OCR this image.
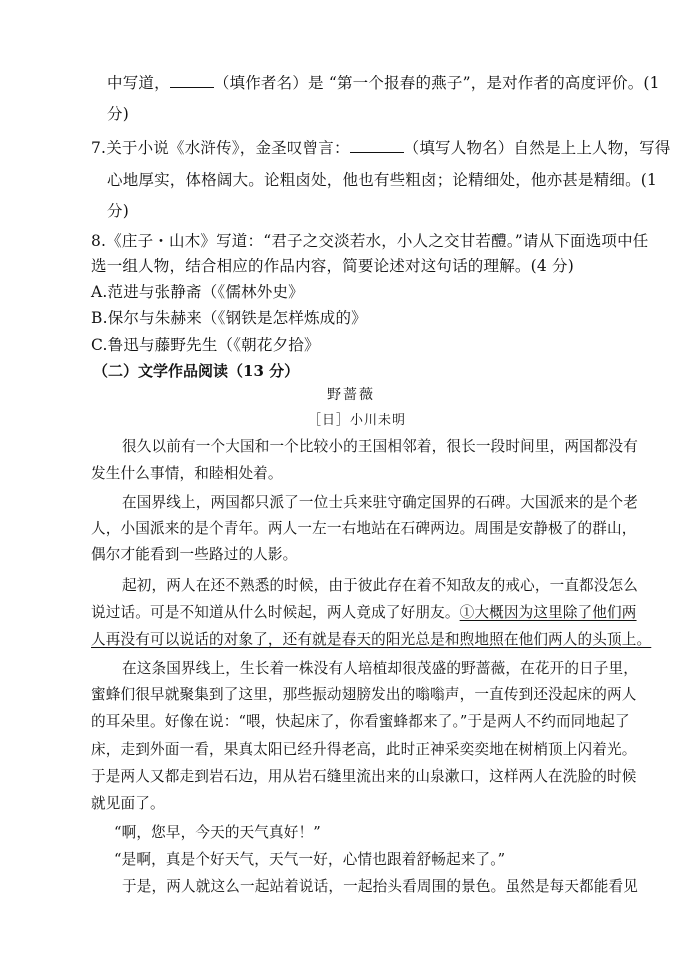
中写道，	（填作者名）是 “第一个报春的燕子”，是对作者的高度评价。(1
分)
7.关于小说《水浒传》，金圣叹曾言：	（填写人物名）自然是上上人物，写得
心地厚实，体格阔大。论粗卤处，他也有些粗卤；论精细处，他亦甚是精细。(1
分)
8.《庄子・山木》写道：“君子之交淡若水，小人之交甘若醴。”请从下面选项中任
选一组人物，结合相应的作品内容，简要论述对这句话的理解。(4 分)
A.范进与张静斋（《儒林外史》
B.保尔与朱赫来（《钢铁是怎样炼成的》
C.鲁迅与藤野先生（《朝花夕拾》
（二）文学作品阅读（13 分）
野蔷薇
［日］小川未明
很久以前有一个大国和一个比较小的王国相邻着，很长一段时间里，两国都没有
发生什么事情，和睦相处着。
在国界线上，两国都只派了一位士兵来驻守确定国界的石碑。大国派来的是个老
人，小国派来的是个青年。两人一左一右地站在石碑两边。周围是安静极了的群山，
偶尔才能看到一些路过的人影。
起初，两人在还不熟悉的时候，由于彼此存在着不知敌友的戒心，一直都没怎么
说过话。可是不知道从什么时候起，两人竟成了好朋友。①大概因为这里除了他们两
人再没有可以说话的对象了，还有就是春天的阳光总是和煦地照在他们两人的头顶上。
在这条国界线上，生长着一株没有人培植却很茂盛的野蔷薇，在花开的日子里，
蜜蜂们很早就聚集到了这里，那些振动翅膀发出的嗡嗡声，一直传到还没起床的两人
的耳朵里。好像在说：“喂，快起床了，你看蜜蜂都来了。”于是两人不约而同地起了
床，走到外面一看，果真太阳已经升得老高，此时正神采奕奕地在树梢顶上闪着光。
于是两人又都走到岩石边，用从岩石缝里流出来的山泉漱口，这样两人在洗脸的时候
就见面了。
“啊，您早，今天的天气真好！”
“是啊，真是个好天气，天气一好，心情也跟着舒畅起来了。”
于是，两人就这么一起站着说话，一起抬头看周围的景色。虽然是每天都能看见
